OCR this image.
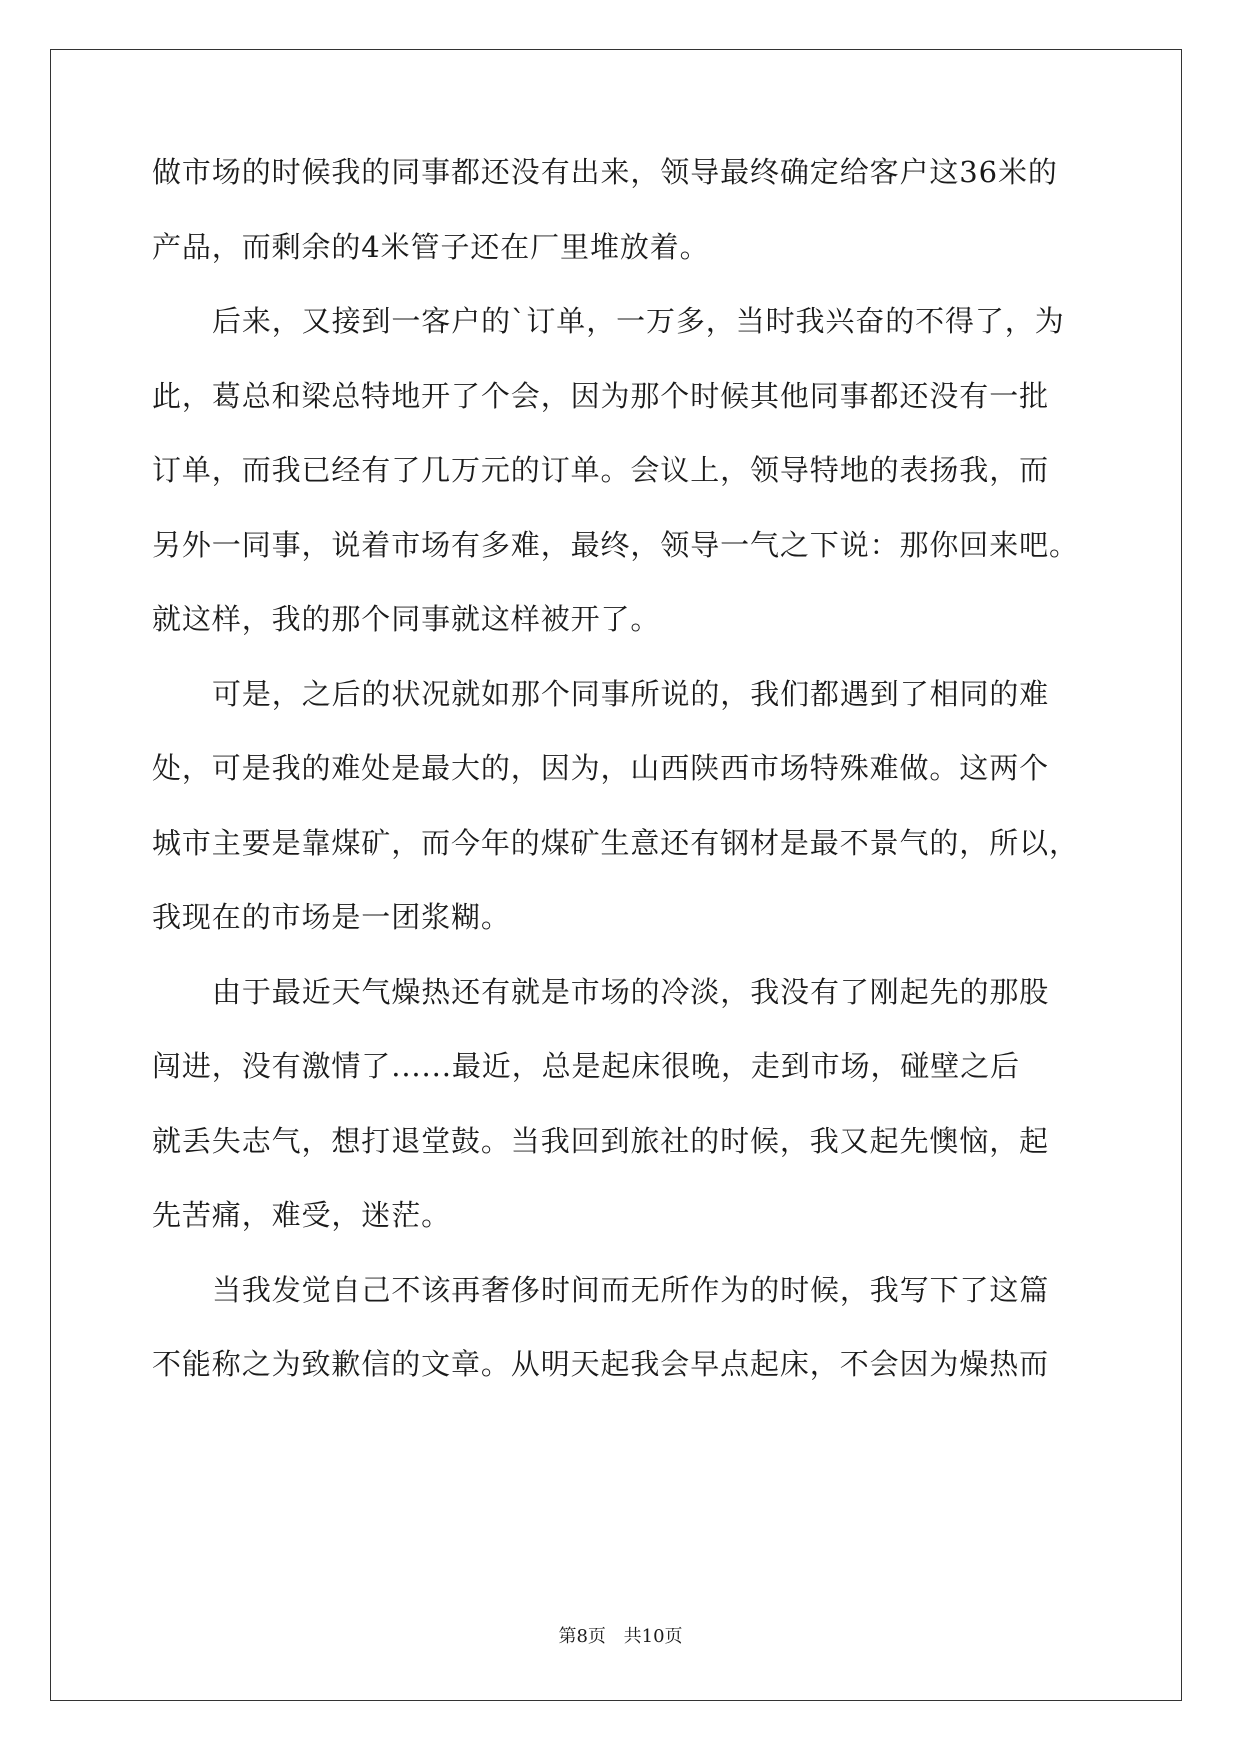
做市场的时候我的同事都还没有出来，领导最终确定给客户这36米的
产品，而剩余的4米管子还在厂里堆放着。
后来，又接到一客户的`订单，一万多，当时我兴奋的不得了，为
此，葛总和梁总特地开了个会，因为那个时候其他同事都还没有一批
订单，而我已经有了几万元的订单。会议上，领导特地的表扬我，而
另外一同事，说着市场有多难，最终，领导一气之下说：那你回来吧。
就这样，我的那个同事就这样被开了。
可是，之后的状况就如那个同事所说的，我们都遇到了相同的难
处，可是我的难处是最大的，因为，山西陕西市场特殊难做。这两个
城市主要是靠煤矿，而今年的煤矿生意还有钢材是最不景气的，所以，
我现在的市场是一团浆糊。
由于最近天气燥热还有就是市场的冷淡，我没有了刚起先的那股
闯进，没有激情了......最近，总是起床很晚，走到市场，碰壁之后
就丢失志气，想打退堂鼓。当我回到旅社的时候，我又起先懊恼，起
先苦痛，难受，迷茫。
当我发觉自己不该再奢侈时间而无所作为的时候，我写下了这篇
不能称之为致歉信的文章。从明天起我会早点起床，不会因为燥热而
第8页 共10页
